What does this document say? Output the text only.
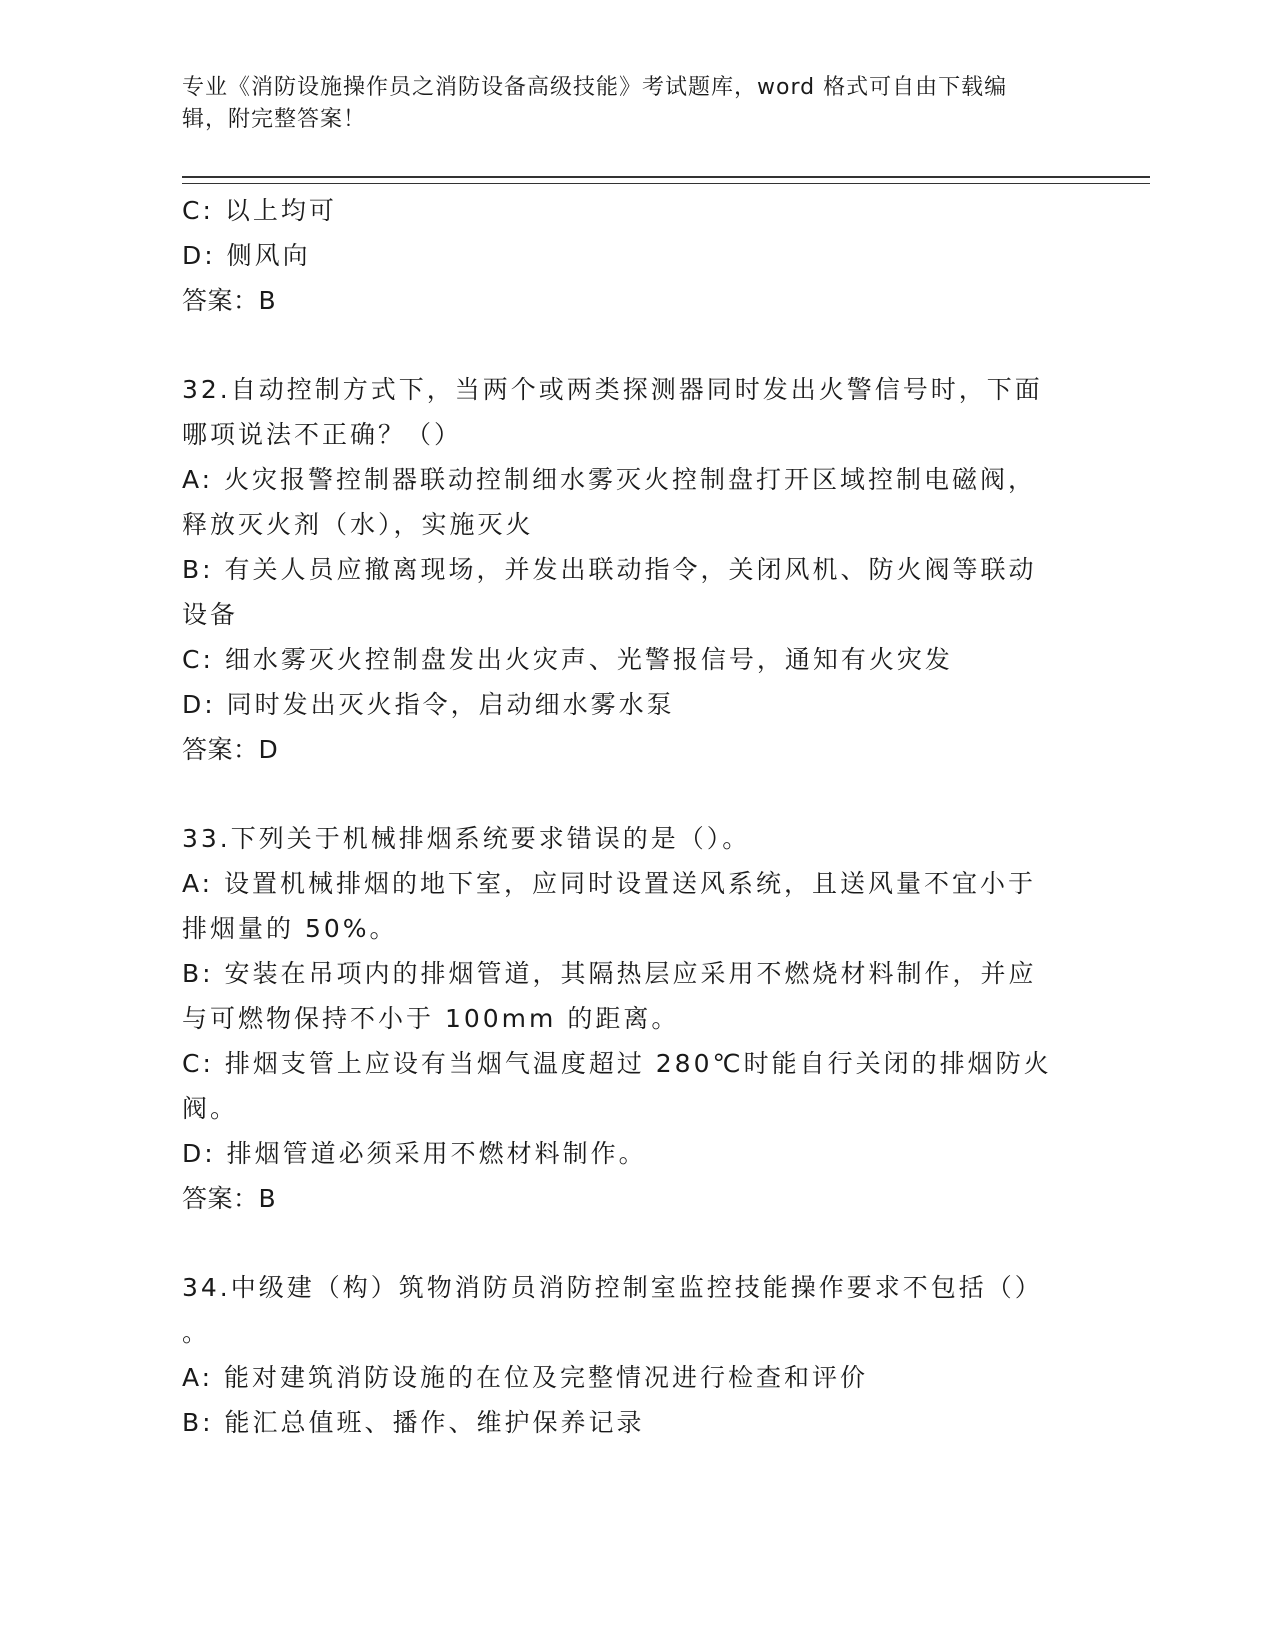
专业《消防设施操作员之消防设备高级技能》考试题库，word 格式可自由下载编
辑，附完整答案！
C: 以上均可
D: 侧风向
答案：B
32.自动控制方式下，当两个或两类探测器同时发出火警信号时，下面
哪项说法不正确？（）
A: 火灾报警控制器联动控制细水雾灭火控制盘打开区域控制电磁阀，
释放灭火剂（水），实施灭火
B: 有关人员应撤离现场，并发出联动指令，关闭风机、防火阀等联动
设备
C: 细水雾灭火控制盘发出火灾声、光警报信号，通知有火灾发
D: 同时发出灭火指令，启动细水雾水泵
答案：D
33.下列关于机械排烟系统要求错误的是（）。
A: 设置机械排烟的地下室，应同时设置送风系统，且送风量不宜小于
排烟量的 50%。
B: 安装在吊项内的排烟管道，其隔热层应采用不燃烧材料制作，并应
与可燃物保持不小于 100mm 的距离。
C: 排烟支管上应设有当烟气温度超过 280℃时能自行关闭的排烟防火
阀。
D: 排烟管道必须采用不燃材料制作。
答案：B
34.中级建（构）筑物消防员消防控制室监控技能操作要求不包括（）
。
A: 能对建筑消防设施的在位及完整情况进行检查和评价
B: 能汇总值班、播作、维护保养记录
